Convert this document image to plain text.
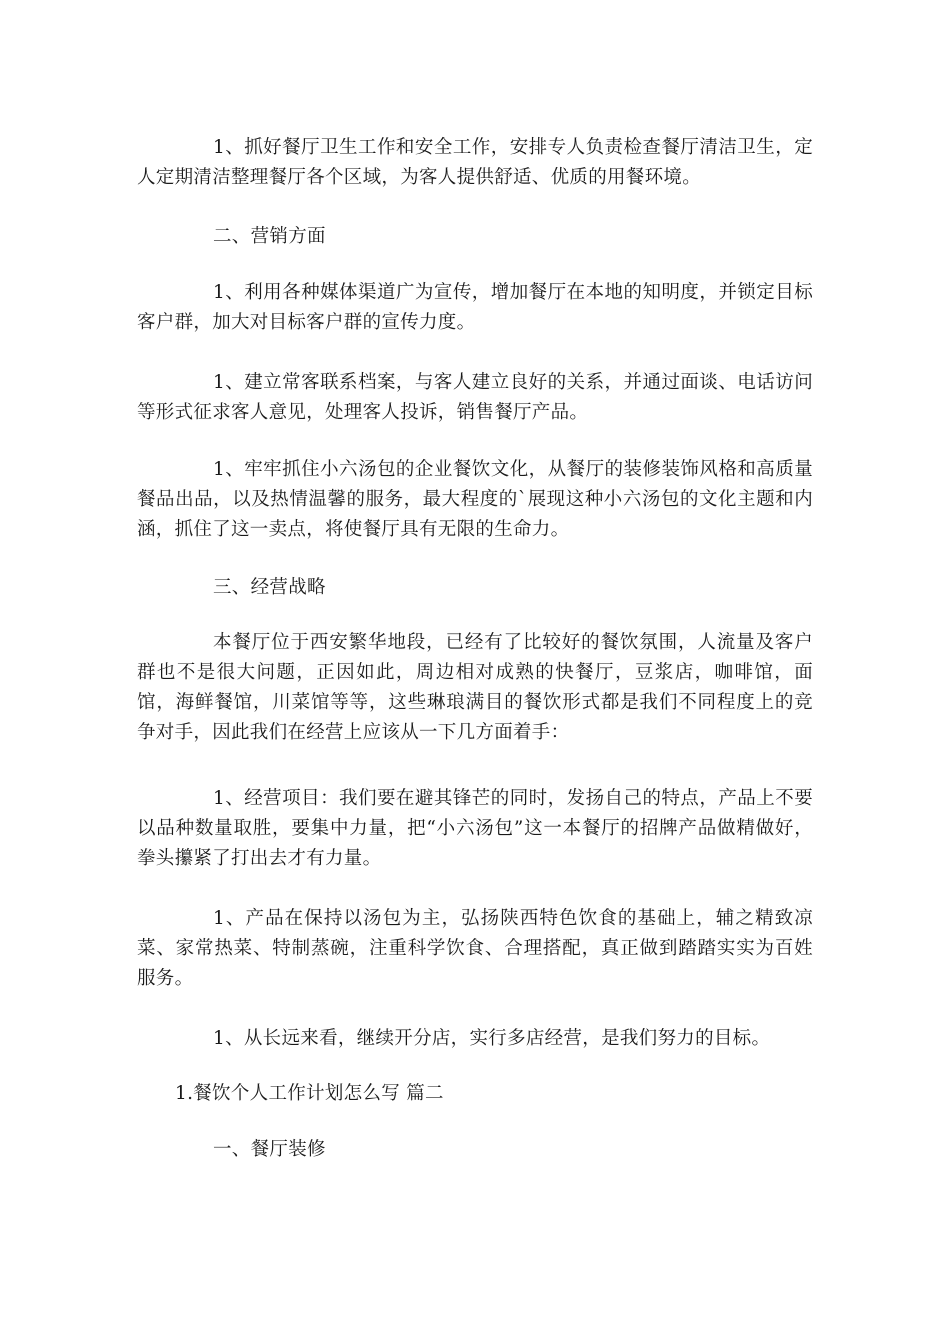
1、抓好餐厅卫生工作和安全工作，安排专人负责检查餐厅清洁卫生，定人定期清洁整理餐厅各个区域，为客人提供舒适、优质的用餐环境。

二、营销方面

1、利用各种媒体渠道广为宣传，增加餐厅在本地的知明度，并锁定目标客户群，加大对目标客户群的宣传力度。

1、建立常客联系档案，与客人建立良好的关系，并通过面谈、电话访问等形式征求客人意见，处理客人投诉，销售餐厅产品。

1、牢牢抓住小六汤包的企业餐饮文化，从餐厅的装修装饰风格和高质量餐品出品，以及热情温馨的服务，最大程度的`展现这种小六汤包的文化主题和内涵，抓住了这一卖点，将使餐厅具有无限的生命力。

三、经营战略

本餐厅位于西安繁华地段，已经有了比较好的餐饮氛围，人流量及客户群也不是很大问题，正因如此，周边相对成熟的快餐厅，豆浆店，咖啡馆，面馆，海鲜餐馆，川菜馆等等，这些琳琅满目的餐饮形式都是我们不同程度上的竞争对手，因此我们在经营上应该从一下几方面着手：

1、经营项目：我们要在避其锋芒的同时，发扬自己的特点，产品上不要以品种数量取胜，要集中力量，把“小六汤包”这一本餐厅的招牌产品做精做好，拳头攥紧了打出去才有力量。

1、产品在保持以汤包为主，弘扬陕西特色饮食的基础上，辅之精致凉菜、家常热菜、特制蒸碗，注重科学饮食、合理搭配，真正做到踏踏实实为百姓服务。

1、从长远来看，继续开分店，实行多店经营，是我们努力的目标。

1.餐饮个人工作计划怎么写 篇二

一、餐厅装修
